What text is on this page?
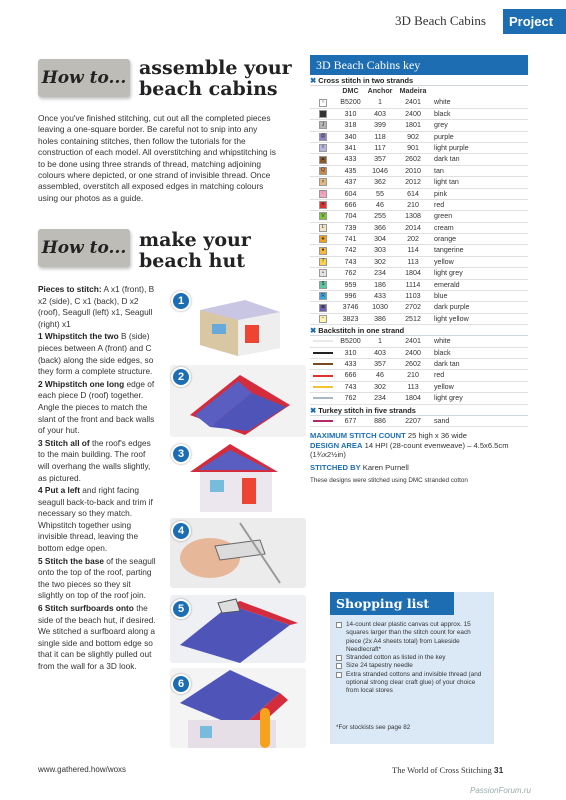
3D Beach Cabins	Project
How to... assemble your
beach cabins
Once you've finished stitching, cut out all the completed pieces leaving a one-square border. Be careful not to snip into any holes containing stitches, then follow the tutorials for the construction of each model. All overstitching and whipstitching is to be done using three strands of thread, matching adjoining colours where depicted, or one strand of invisible thread. Once assembled, overstitch all exposed edges in matching colours using our photos as a guide.
How to... make your
beach hut

Pieces to stitch: A x1 (front), B x2 (side), C x1 (back), D x2 (roof), Seagull (left) x1, Seagull (right) x1

1 Whipstitch the two B (side) pieces between A (front) and C (back) along the side edges, so they form a complete structure.

2 Whipstitch one long edge of each piece D (roof) together. Angle the pieces to match the slant of the front and back walls of your hut.

3 Stitch all of the roof's edges to the main building. The roof will overhang the walls slightly, as pictured.

4 Put a left and right facing seagull back-to-back and trim if necessary so they match. Whipstitch together using invisible thread, leaving the bottom edge open.

5 Stitch the base of the seagull onto the top of the roof, parting the two pieces so they sit slightly on top of the roof join.

6 Stitch surfboards onto the side of the beach hut, if desired. We stitched a surfboard along a single side and bottom edge so that it can be slightly pulled out from the wall for a 3D look.

1
2
3
4
5
6
3D Beach Cabins key
✖ Cross stitch in two strands
DMC	Anchor	Madeira
∩	B5200	1	2401	white
■	310	403	2400	black
J	318	399	1801	grey
@	340	118	902	purple
◊	341	117	901	light purple
▲	433	357	2602	dark tan
Q	435	1046	2010	tan
×	437	362	2012	light tan
♡	604	55	614	pink
●	666	46	210	red
V	704	255	1308	green
L	739	366	2014	cream
★	741	304	202	orange
●	742	303	114	tangerine
?	743	302	113	yellow
•	762	234	1804	light grey
$	959	186	1114	emerald
R	996	433	1103	blue
◙	3746	1030	2702	dark purple
−	3823	386	2512	light yellow
✖ Backstitch in one strand
B5200	1	2401	white
310	403	2400	black
433	357	2602	dark tan
666	46	210	red
743	302	113	yellow
762	234	1804	light grey
✖ Turkey stitch in five strands
677	886	2207	sand
MAXIMUM STITCH COUNT 25 high x 36 wide
DESIGN AREA 14 HPI (28-count evenweave) – 4.5x6.5cm (1¾x2½in)
STITCHED BY Karen Purnell
These designs were stitched using DMC stranded cotton
14-count clear plastic canvas cut approx. 15 squares larger than the stitch count for each piece (2x A4 sheets total) from Lakeside Needlecraft*
Stranded cotton as listed in the key
Size 24 tapestry needle
Extra stranded cottons and invisible thread (and optional strong clear craft glue) of your choice from local stores
*For stockists see page 82
Shopping list
www.gathered.how/woxs	The World of Cross Stitching 31
PassionForum.ru
